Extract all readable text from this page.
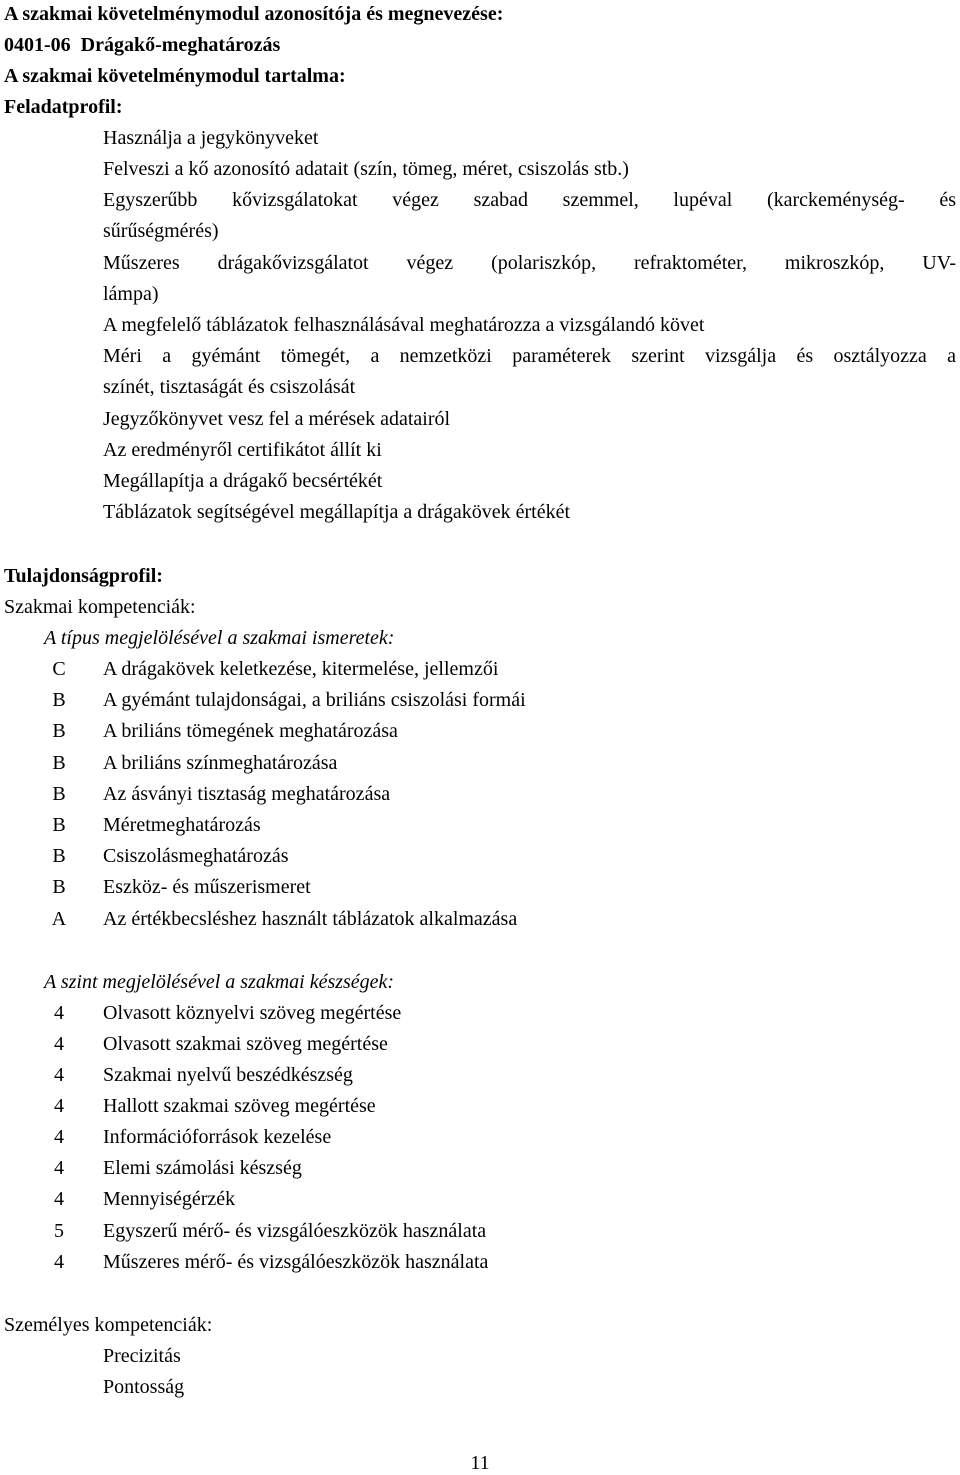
A szakmai követelménymodul azonosítója és megnevezése:
0401-06 Drágakő-meghatározás
A szakmai követelménymodul tartalma:
Feladatprofil:
Használja a jegykönyveket
Felveszi a kő azonosító adatait (szín, tömeg, méret, csiszolás stb.)
Egyszerűbb kővizsgálatokat végez szabad szemmel, lupéval (karckeménység- és
sűrűségmérés)
Műszeres drágakővizsgálatot végez (polariszkóp, refraktométer, mikroszkóp, UV-
lámpa)
A megfelelő táblázatok felhasználásával meghatározza a vizsgálandó követ
Méri a gyémánt tömegét, a nemzetközi paraméterek szerint vizsgálja és osztályozza a
színét, tisztaságát és csiszolását
Jegyzőkönyvet vesz fel a mérések adatairól
Az eredményről certifikátot állít ki
Megállapítja a drágakő becsértékét
Táblázatok segítségével megállapítja a drágakövek értékét
Tulajdonságprofil:
Szakmai kompetenciák:
A típus megjelölésével a szakmai ismeretek:
C	A drágakövek keletkezése, kitermelése, jellemzői
B	A gyémánt tulajdonságai, a briliáns csiszolási formái
B	A briliáns tömegének meghatározása
B	A briliáns színmeghatározása
B	Az ásványi tisztaság meghatározása
B	Méretmeghatározás
B	Csiszolásmeghatározás
B	Eszköz- és műszerismeret
A	Az értékbecsléshez használt táblázatok alkalmazása
A szint megjelölésével a szakmai készségek:
4	Olvasott köznyelvi szöveg megértése
4	Olvasott szakmai szöveg megértése
4	Szakmai nyelvű beszédkészség
4	Hallott szakmai szöveg megértése
4	Információforrások kezelése
4	Elemi számolási készség
4	Mennyiségérzék
5	Egyszerű mérő- és vizsgálóeszközök használata
4	Műszeres mérő- és vizsgálóeszközök használata
Személyes kompetenciák:
Precizitás
Pontosság
11
